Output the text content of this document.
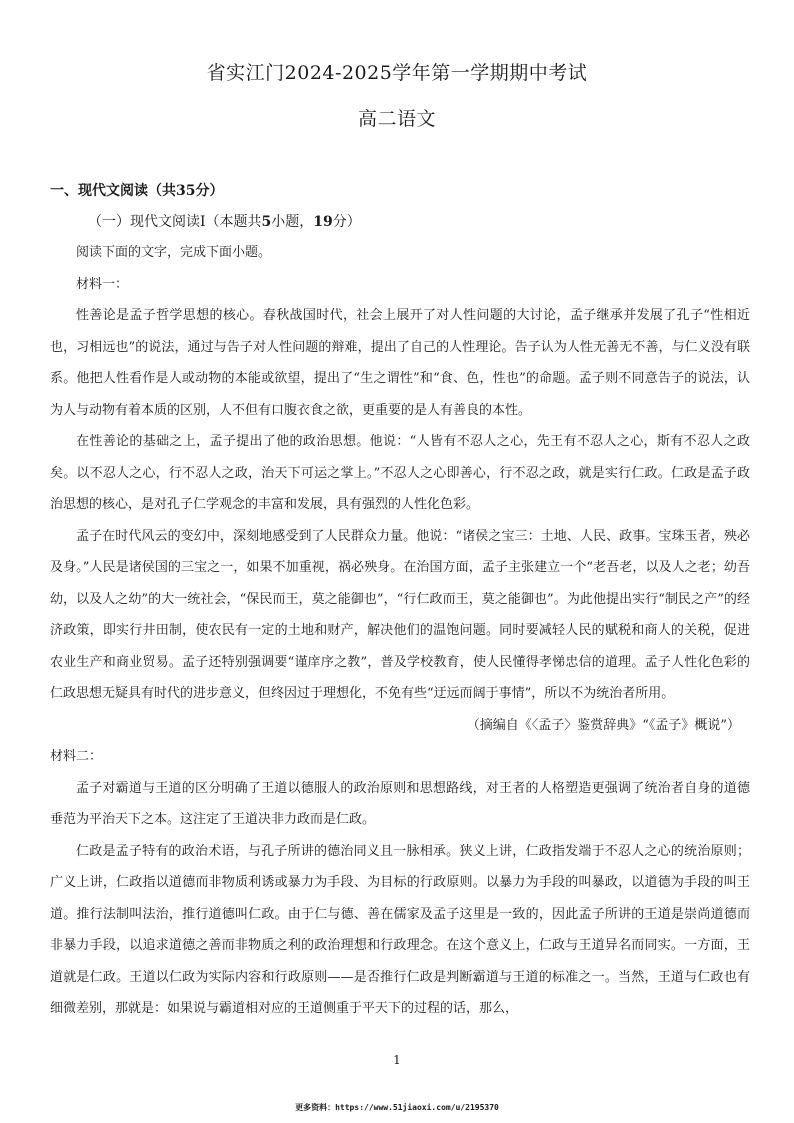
省实江门2024-2025学年第一学期期中考试
高二语文
一、现代文阅读（共35分）
（一）现代文阅读Ⅰ（本题共5小题，19分）

阅读下面的文字，完成下面小题。

材料一：

性善论是孟子哲学思想的核心。春秋战国时代，社会上展开了对人性问题的大讨论，孟子继承并发展了孔子“性相近也，习相远也”的说法，通过与告子对人性问题的辩难，提出了自己的人性理论。告子认为人性无善无不善，与仁义没有联系。他把人性看作是人或动物的本能或欲望，提出了“生之谓性”和“食、色，性也”的命题。孟子则不同意告子的说法，认为人与动物有着本质的区别，人不但有口腹衣食之欲，更重要的是人有善良的本性。

在性善论的基础之上，孟子提出了他的政治思想。他说：“人皆有不忍人之心，先王有不忍人之心，斯有不忍人之政矣。以不忍人之心，行不忍人之政，治天下可运之掌上。”不忍人之心即善心，行不忍之政，就是实行仁政。仁政是孟子政治思想的核心，是对孔子仁学观念的丰富和发展，具有强烈的人性化色彩。

孟子在时代风云的变幻中，深刻地感受到了人民群众力量。他说：“诸侯之宝三：土地、人民、政事。宝珠玉者，殃必及身。”人民是诸侯国的三宝之一，如果不加重视，祸必殃身。在治国方面，孟子主张建立一个“老吾老，以及人之老；幼吾幼，以及人之幼”的大一统社会，“保民而王，莫之能御也”，“行仁政而王，莫之能御也”。为此他提出实行“制民之产”的经济政策，即实行井田制，使农民有一定的土地和财产，解决他们的温饱问题。同时要减轻人民的赋税和商人的关税，促进农业生产和商业贸易。孟子还特别强调要“谨庠序之教”，普及学校教育，使人民懂得孝悌忠信的道理。孟子人性化色彩的仁政思想无疑具有时代的进步意义，但终因过于理想化，不免有些“迂远而阔于事情”，所以不为统治者所用。

（摘编自《〈孟子〉鉴赏辞典》“《孟子》概说”）

材料二：

孟子对霸道与王道的区分明确了王道以德服人的政治原则和思想路线，对王者的人格塑造更强调了统治者自身的道德垂范为平治天下之本。这注定了王道决非力政而是仁政。

仁政是孟子特有的政治术语，与孔子所讲的德治同义且一脉相承。狭义上讲，仁政指发端于不忍人之心的统治原则；广义上讲，仁政指以道德而非物质利诱或暴力为手段、为目标的行政原则。以暴力为手段的叫暴政，以道德为手段的叫王道。推行法制叫法治，推行道德叫仁政。由于仁与德、善在儒家及孟子这里是一致的，因此孟子所讲的王道是崇尚道德而非暴力手段，以追求道德之善而非物质之利的政治理想和行政理念。在这个意义上，仁政与王道异名而同实。一方面，王道就是仁政。王道以仁政为实际内容和行政原则——是否推行仁政是判断霸道与王道的标准之一。当然，王道与仁政也有细微差别，那就是：如果说与霸道相对应的王道侧重于平天下的过程的话，那么，

1
更多资料：https://www.51jiaoxi.com/u/2195370
